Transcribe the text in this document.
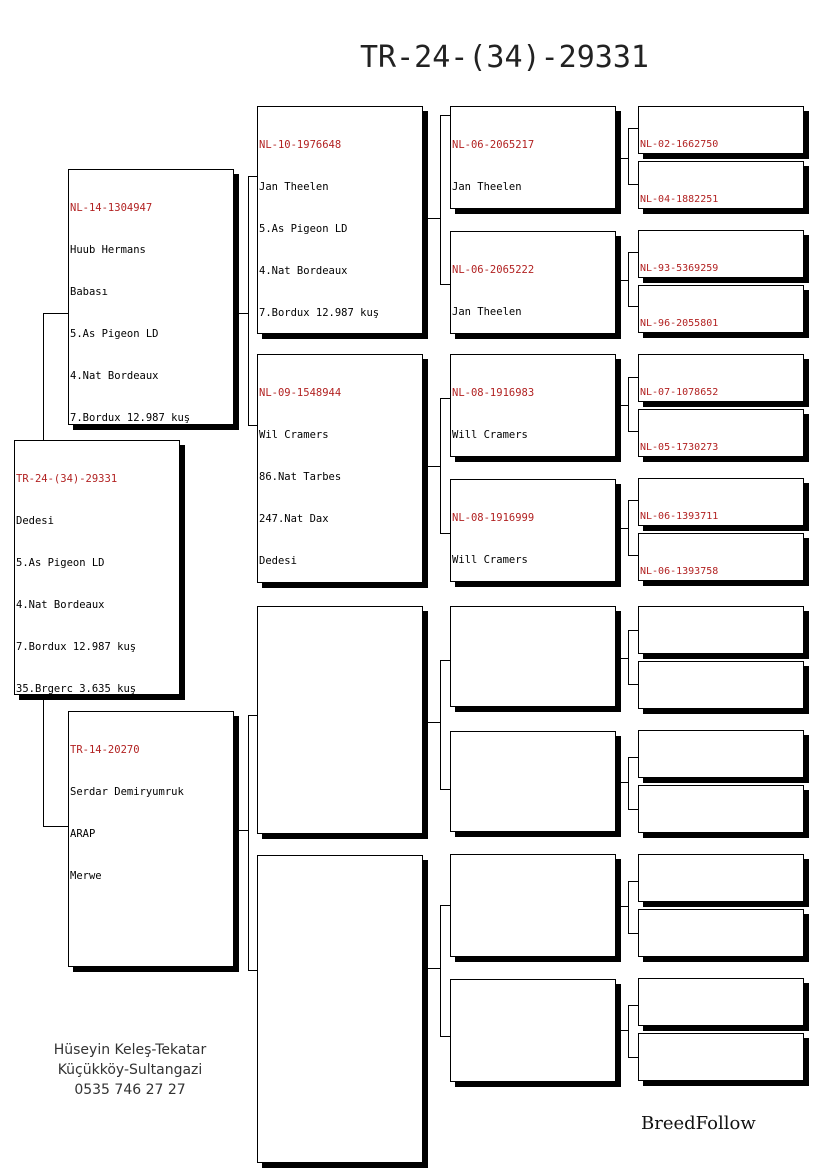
TR-24-(34)-29331

TR-24-(34)-29331

Dedesi

5.As Pigeon LD

4.Nat Bordeaux

7.Bordux 12.987 kuş

35.Brgerc 3.635 kuş

NL-14-1304947

Huub Hermans

Babası

5.As Pigeon LD

4.Nat Bordeaux

7.Bordux 12.987 kuş

TR-14-20270

Serdar Demiryumruk

ARAP

Merwe

NL-10-1976648

Jan Theelen

5.As Pigeon LD

4.Nat Bordeaux

7.Bordux 12.987 kuş

NL-09-1548944

Wil Cramers

86.Nat Tarbes

247.Nat Dax

Dedesi

NL-06-2065217

Jan Theelen

NL-06-2065222

Jan Theelen

NL-08-1916983

Will Cramers

NL-08-1916999

Will Cramers

NL-02-1662750

NL-04-1882251

NL-93-5369259

NL-96-2055801

NL-07-1078652

NL-05-1730273

NL-06-1393711

NL-06-1393758

Hüseyin Keleş-Tekatar
Küçükköy-Sultangazi
0535 746 27 27
BreedFollow
